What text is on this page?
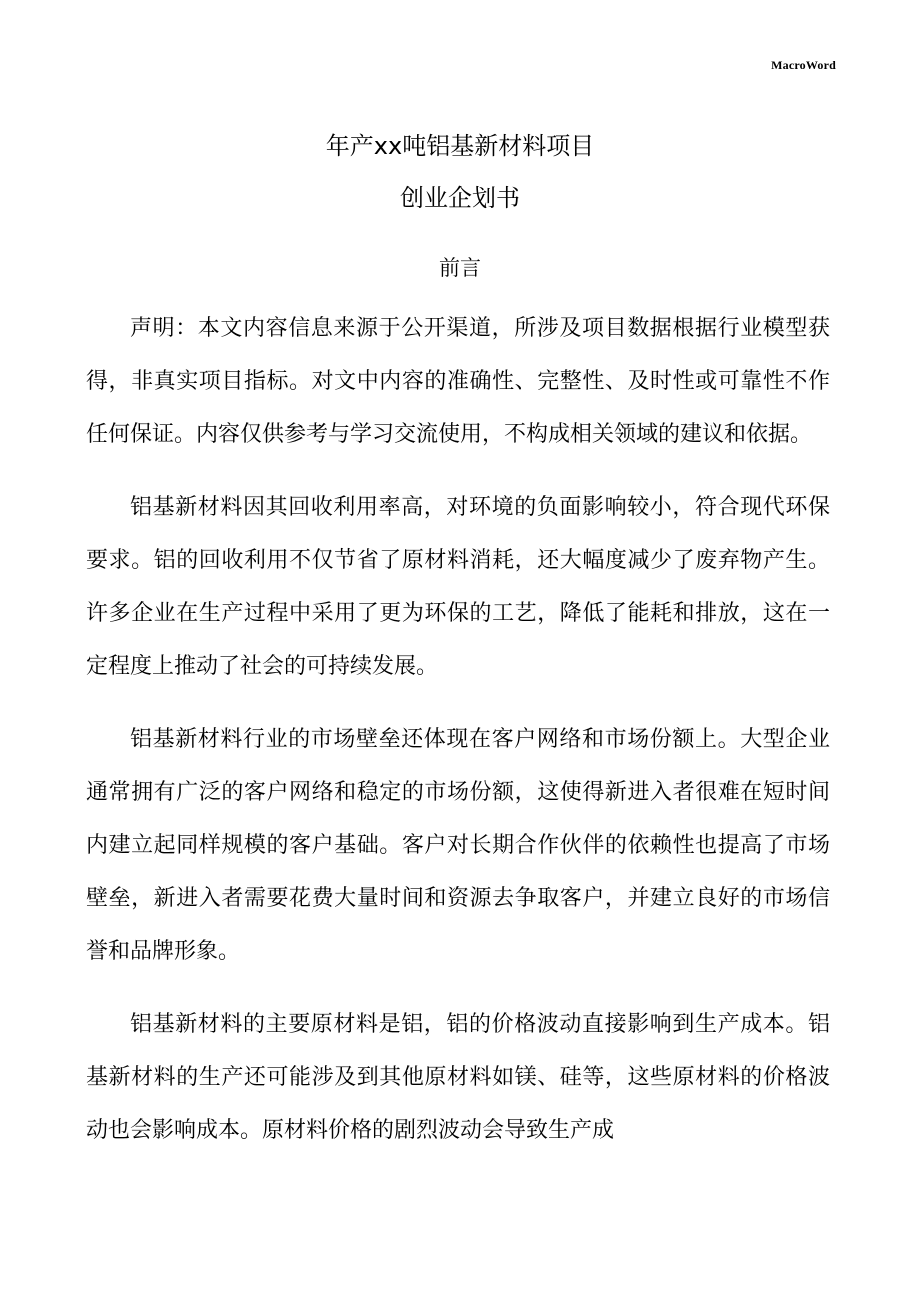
MacroWord
年产xx吨铝基新材料项目
创业企划书
前言

声明：本文内容信息来源于公开渠道，所涉及项目数据根据行业模型获得，非真实项目指标。对文中内容的准确性、完整性、及时性或可靠性不作任何保证。内容仅供参考与学习交流使用，不构成相关领域的建议和依据。

铝基新材料因其回收利用率高，对环境的负面影响较小，符合现代环保要求。铝的回收利用不仅节省了原材料消耗，还大幅度减少了废弃物产生。许多企业在生产过程中采用了更为环保的工艺，降低了能耗和排放，这在一定程度上推动了社会的可持续发展。

铝基新材料行业的市场壁垒还体现在客户网络和市场份额上。大型企业通常拥有广泛的客户网络和稳定的市场份额，这使得新进入者很难在短时间内建立起同样规模的客户基础。客户对长期合作伙伴的依赖性也提高了市场壁垒，新进入者需要花费大量时间和资源去争取客户，并建立良好的市场信誉和品牌形象。

铝基新材料的主要原材料是铝，铝的价格波动直接影响到生产成本。铝基新材料的生产还可能涉及到其他原材料如镁、硅等，这些原材料的价格波动也会影响成本。原材料价格的剧烈波动会导致生产成
